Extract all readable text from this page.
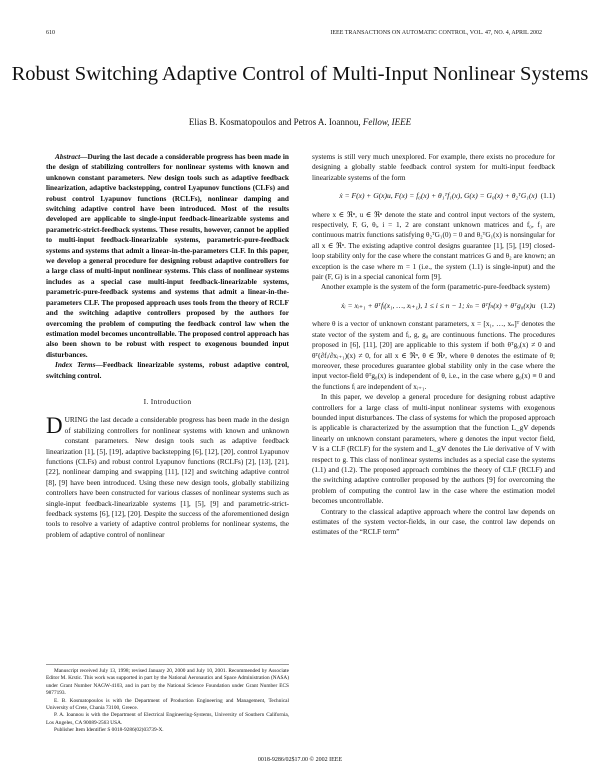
610	IEEE TRANSACTIONS ON AUTOMATIC CONTROL, VOL. 47, NO. 4, APRIL 2002
Robust Switching Adaptive Control of Multi-Input Nonlinear Systems
Elias B. Kosmatopoulos and Petros A. Ioannou, Fellow, IEEE

Abstract—During the last decade a considerable progress has been made in the design of stabilizing controllers for nonlinear systems with known and unknown constant parameters. New design tools such as adaptive feedback linearization, adaptive backstepping, control Lyapunov functions (CLFs) and robust control Lyapunov functions (RCLFs), nonlinear damping and switching adaptive control have been introduced. Most of the results developed are applicable to single-input feedback-linearizable systems and parametric-strict-feedback systems. These results, however, cannot be applied to multi-input feedback-linearizable systems, parametric-pure-feedback systems and systems that admit a linear-in-the-parameters CLF. In this paper, we develop a general procedure for designing robust adaptive controllers for a large class of multi-input nonlinear systems. This class of nonlinear systems includes as a special case multi-input feedback-linearizable systems, parametric-pure-feedback systems and systems that admit a linear-in-the-parameters CLF. The proposed approach uses tools from the theory of RCLF and the switching adaptive controllers proposed by the authors for overcoming the problem of computing the feedback control law when the estimation model becomes uncontrollable. The proposed control approach has also been shown to be robust with respect to exogenous bounded input disturbances.

Index Terms—Feedback linearizable systems, robust adaptive control, switching control.

I. Introduction

DURING the last decade a considerable progress has been made in the design of stabilizing controllers for nonlinear systems with known and unknown constant parameters. New design tools such as adaptive feedback linearization [1], [5], [19], adaptive backstepping [6], [12], [20], control Lyapunov functions (CLFs) and robust control Lyapunov functions (RCLFs) [2], [13], [21], [22], nonlinear damping and swapping [11], [12] and switching adaptive control [8], [9] have been introduced. Using these new design tools, globally stabilizing controllers have been constructed for various classes of nonlinear systems such as single-input feedback-linearizable systems [1], [5], [9] and parametric-strict-feedback systems [6], [12], [20]. Despite the success of the aforementioned design tools to resolve a variety of adaptive control problems for nonlinear systems, the problem of adaptive control of nonlinear

Manuscript received July 13, 1998; revised January 20, 2000 and July 10, 2001. Recommended by Associate Editor M. Krstic. This work was supported in part by the National Aeronautics and Space Administration (NASA) under Grant Number NAGW-4103, and in part by the National Science Foundation under Grant Number ECS 9877193.

E. B. Kosmatopoulos is with the Department of Production Engineering and Management, Technical University of Crete, Chania 73100, Greece.

P. A. Ioannou is with the Department of Electrical Engineering-Systems, University of Southern California, Los Angeles, CA 90089-2563 USA.

Publisher Item Identifier S 0018-9286(02)03739-X.

systems is still very much unexplored. For example, there exists no procedure for designing a globally stable feedback control system for multi-input feedback linearizable systems of the form

ẋ = F(x) + G(x)u, F(x) = f₀(x) + θ₁ᵀf₁(x), G(x) = G₀(x) + θ₂ᵀG₁(x) (1.1)

where x ∈ ℜⁿ, u ∈ ℜⁿ denote the state and control input vectors of the system, respectively, F, G, θᵢ, i = 1, 2 are constant unknown matrices and f₀, f₁ are continuous matrix functions satisfying θ₂ᵀG₁(0) = 0 and θ₂ᵀG₁(x) is nonsingular for all x ∈ ℜⁿ. The existing adaptive control designs guarantee [1], [5], [19] closed-loop stability only for the case where the constant matrices G and θ₂ are known; an exception is the case where m = 1 (i.e., the system (1.1) is single-input) and the pair (F, G) is in a special canonical form [9].

Another example is the system of the form (parametric-pure-feedback system)

ẋᵢ = xᵢ₊₁ + θᵀfᵢ(x₁, …, xᵢ₊₁), 1 ≤ i ≤ n − 1; ẋₙ = θᵀfₙ(x) + θᵀg₀(x)u (1.2)

where θ is a vector of unknown constant parameters, x = [x₁, …, xₙ]ᵀ denotes the state vector of the system and fᵢ, g, g₀ are continuous functions. The procedures proposed in [6], [11], [20] are applicable to this system if both θᵀg₀(x) ≠ 0 and θᵀ(∂fᵢ/∂xᵢ₊₁)(x) ≠ 0, for all x ∈ ℜⁿ, θ ∈ ℜᵖ, where θ denotes the estimate of θ; moreover, these procedures guarantee global stability only in the case where the input vector-field θᵀg₀(x) is independent of θ, i.e., in the case where g₀(x) ≡ 0 and the functions fᵢ are independent of xᵢ₊₁.

In this paper, we develop a general procedure for designing robust adaptive controllers for a large class of multi-input nonlinear systems with exogenous bounded input disturbances. The class of systems for which the proposed approach is applicable is characterized by the assumption that the function L_gV depends linearly on unknown constant parameters, where g denotes the input vector field, V is a CLF (RCLF) for the system and L_gV denotes the Lie derivative of V with respect to g. This class of nonlinear systems includes as a special case the systems (1.1) and (1.2). The proposed approach combines the theory of CLF (RCLF) and the switching adaptive controller proposed by the authors [9] for overcoming the problem of computing the control law in the case where the estimation model becomes uncontrollable.

Contrary to the classical adaptive approach where the control law depends on estimates of the system vector-fields, in our case, the control law depends on estimates of the “RCLF term”

0018-9286/02$17.00 © 2002 IEEE
